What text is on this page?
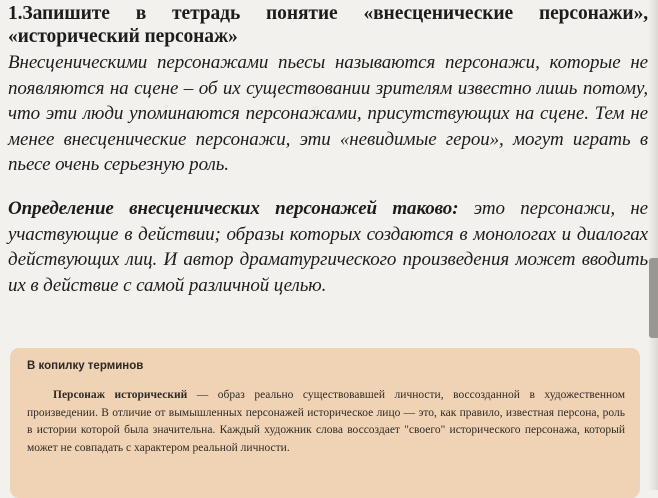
1.Запишите в тетрадь понятие «внесценические персонажи», «исторический персонаж»
Внесценическими персонажами пьесы называются персонажи, которые не появляются на сцене – об их существовании зрителям известно лишь потому, что эти люди упоминаются персонажами, присутствующих на сцене. Тем не менее внесценические персонажи, эти «невидимые герои», могут играть в пьесе очень серьезную роль.
Определение внесценических персонажей таково: это персонажи, не участвующие в действии; образы которых создаются в монологах и диалогах действующих лиц. И автор драматургического произведения может вводить их в действие с самой различной целью.
В копилку терминов
Персонаж исторический — образ реально существовавшей личности, воссозданной в художественном произведении. В отличие от вымышленных персонажей историческое лицо — это, как правило, известная персона, роль в истории которой была значительна. Каждый художник слова воссоздает "своего" исторического персонажа, который может не совпадать с характером реальной личности.
